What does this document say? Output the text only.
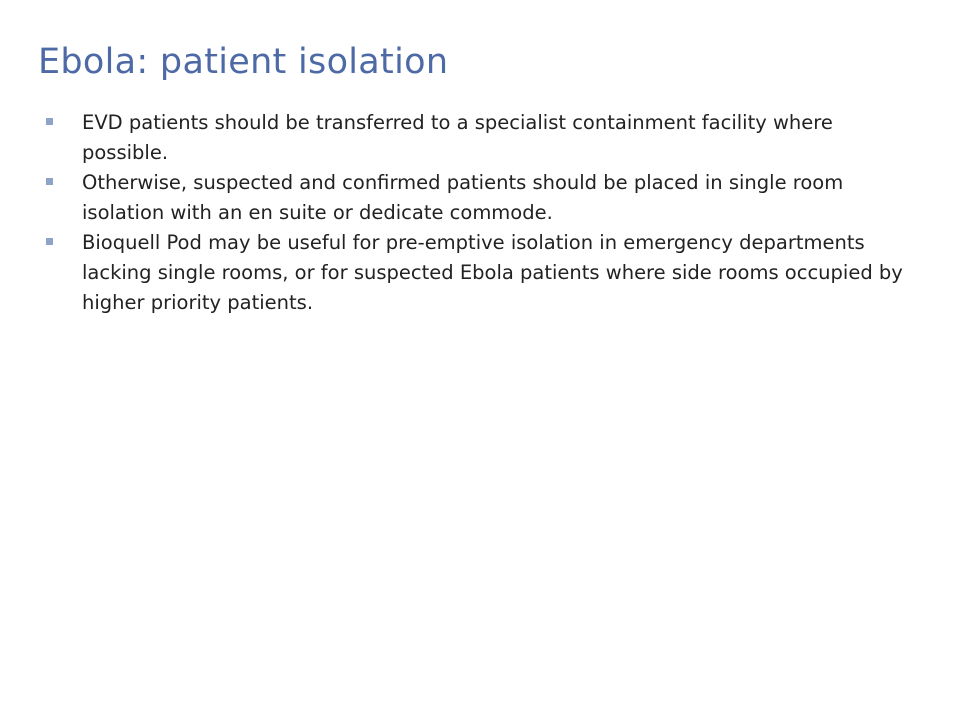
Ebola: patient isolation
EVD patients should be transferred to a specialist containment facility where possible.
Otherwise, suspected and confirmed patients should be placed in single room isolation with an en suite or dedicate commode.
Bioquell Pod may be useful for pre-emptive isolation in emergency departments lacking single rooms, or for suspected Ebola patients where side rooms occupied by higher priority patients.
